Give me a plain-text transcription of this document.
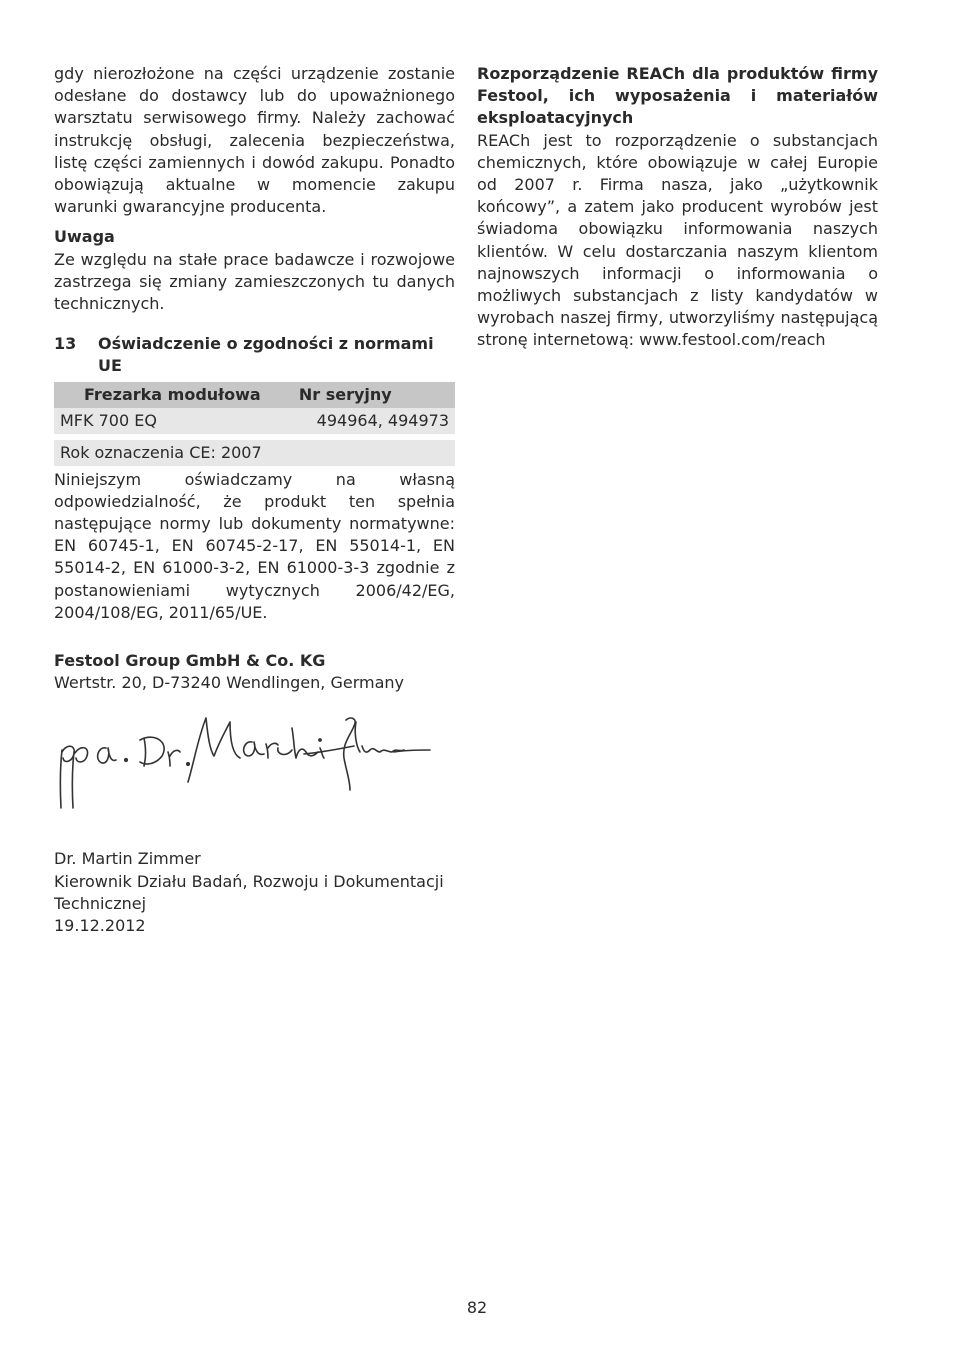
gdy nierozłożone na części urządzenie zostanie odesłane do dostawcy lub do upoważnionego warsztatu serwisowego firmy. Należy zachować instrukcję obsługi, zalecenia bezpieczeństwa, listę części zamiennych i dowód zakupu. Ponadto obowiązują aktualne w momencie zakupu warunki gwarancyjne producenta.

Uwaga

Ze względu na stałe prace badawcze i rozwojowe zastrzega się zmiany zamieszczonych tu danych technicznych.

13	Oświadczenie o zgodności z normami UE
Frezarka modułowa	Nr seryjny
MFK 700 EQ	494964, 494973

Rok oznaczenia CE: 2007	

Niniejszym oświadczamy na własną odpowiedzialność, że produkt ten spełnia następujące normy lub dokumenty normatywne: EN 60745-1, EN 60745-2-17, EN 55014-1, EN 55014-2, EN 61000-3-2, EN 61000-3-3 zgodnie z postanowieniami wytycznych 2006/42/EG, 2004/108/EG, 2011/65/UE.

Festool Group GmbH & Co. KG
Wertstr. 20, D-73240 Wendlingen, Germany
Dr. Martin Zimmer

Kierownik Działu Badań, Rozwoju i Dokumentacji Technicznej

19.12.2012

Rozporządzenie REACh dla produktów firmy Festool, ich wyposażenia i materiałów eksploatacyjnych

REACh jest to rozporządzenie o substancjach chemicznych, które obowiązuje w całej Europie od 2007 r. Firma nasza, jako „użytkownik końcowy”, a zatem jako producent wyrobów jest świadoma obowiązku informowania naszych klientów. W celu dostarczania naszym klientom najnowszych informacji o informowania o możliwych substancjach z listy kandydatów w wyrobach naszej firmy, utworzyliśmy następującą stronę internetową: www.festool.com/reach

82
